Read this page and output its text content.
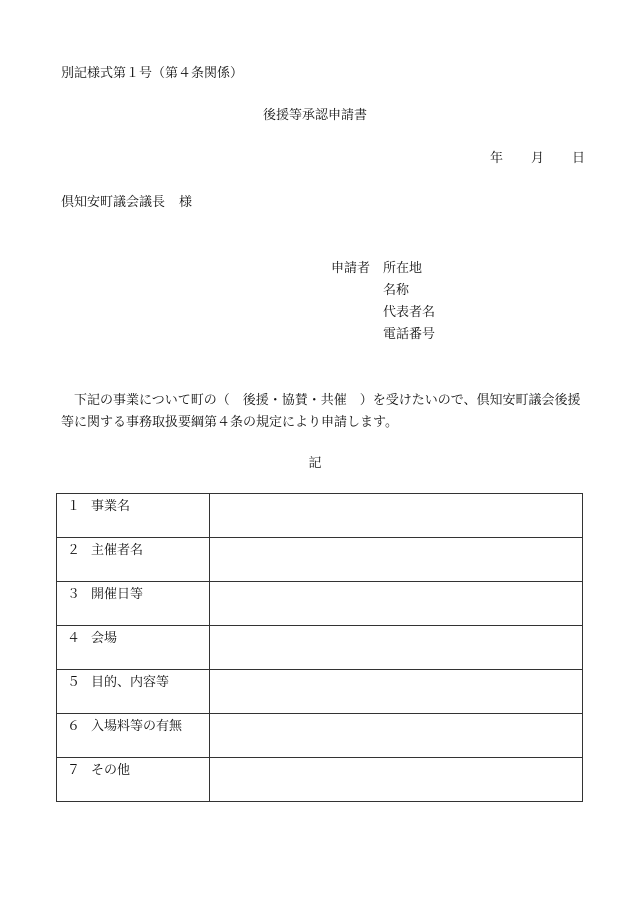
別記様式第１号（第４条関係）
後援等承認申請書
年 月 日
倶知安町議会議長 様
申請者 所在地
名称
代表者名
電話番号
下記の事業について町の（　後援・協賛・共催　）を受けたいので、倶知安町議会後援等に関する事務取扱要綱第４条の規定により申請します。
記
１ 事業名	
２ 主催者名	
３ 開催日等	
４ 会場	
５ 目的、内容等	
６ 入場料等の有無	
７ その他	
